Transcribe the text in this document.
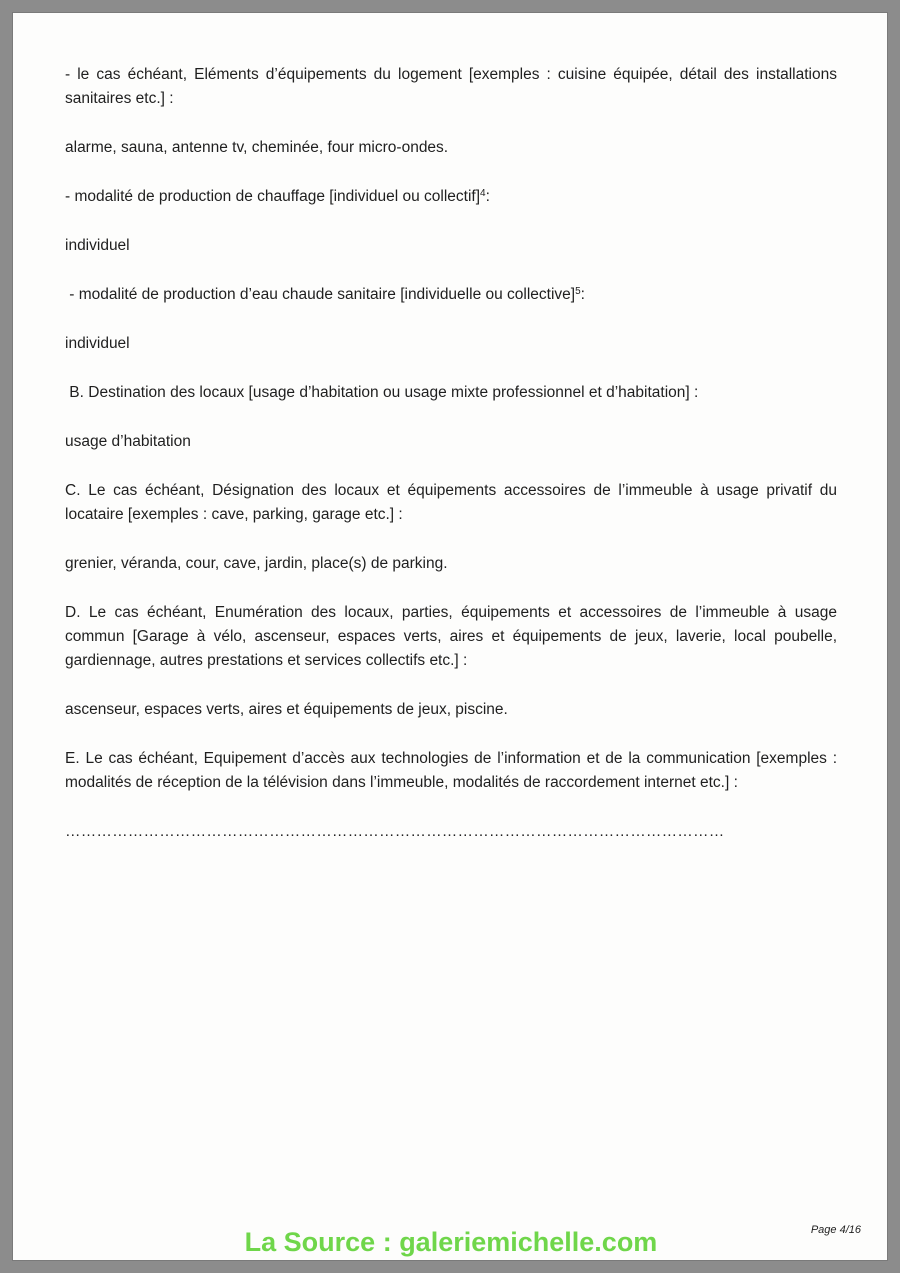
- le cas échéant, Eléments d’équipements du logement [exemples : cuisine équipée, détail des installations sanitaires etc.] :

alarme, sauna, antenne tv, cheminée, four micro-ondes.

- modalité de production de chauffage [individuel ou collectif]$^4$:

individuel

- modalité de production d’eau chaude sanitaire [individuelle ou collective]$^5$:

individuel

B. Destination des locaux [usage d’habitation ou usage mixte professionnel et d’habitation] :

usage d’habitation

C. Le cas échéant, Désignation des locaux et équipements accessoires de l’immeuble à usage privatif du locataire [exemples : cave, parking, garage etc.] :

grenier, véranda, cour, cave, jardin, place(s) de parking.

D. Le cas échéant, Enumération des locaux, parties, équipements et accessoires de l’immeuble à usage commun [Garage à vélo, ascenseur, espaces verts, aires et équipements de jeux, laverie, local poubelle, gardiennage, autres prestations et services collectifs etc.] :

ascenseur, espaces verts, aires et équipements de jeux, piscine.

E. Le cas échéant, Equipement d’accès aux technologies de l’information et de la communication [exemples : modalités de réception de la télévision dans l’immeuble, modalités de raccordement internet etc.] :

………………………………………………………………………………………………………………

Page 4/16
La Source : galeriemichelle.com
